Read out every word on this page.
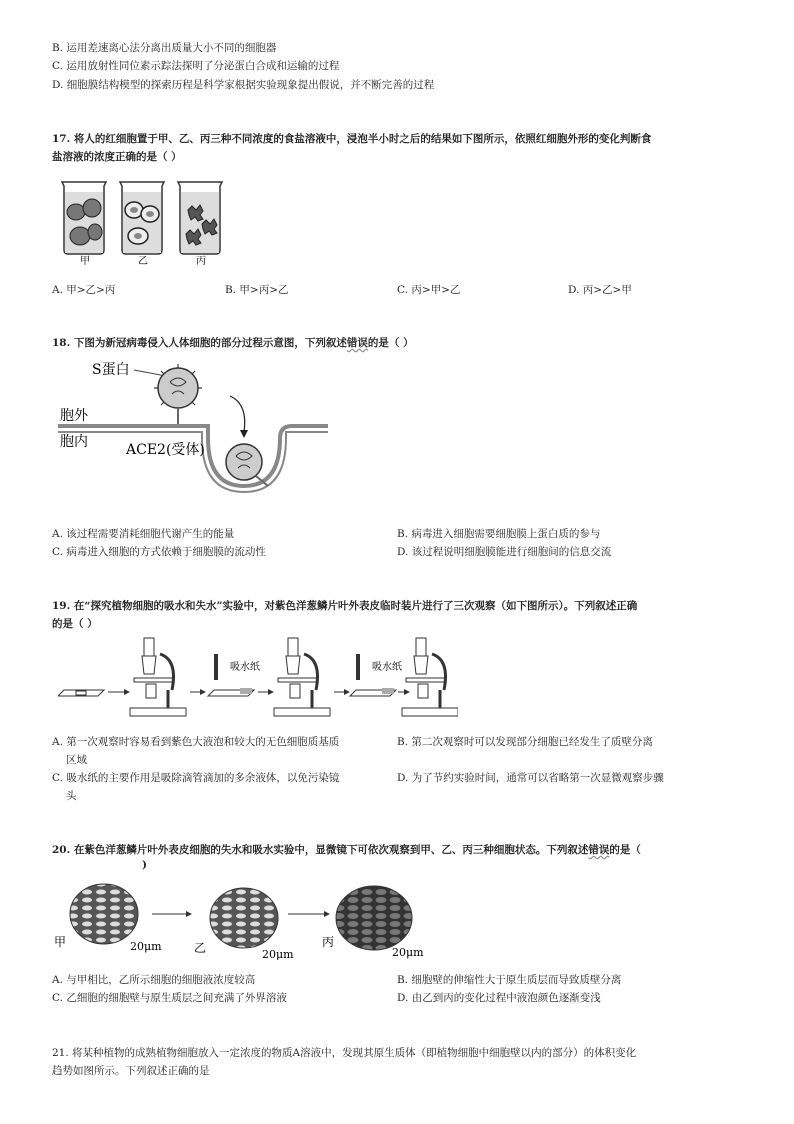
B. 运用差速离心法分离出质量大小不同的细胞器
C. 运用放射性同位素示踪法探明了分泌蛋白合成和运输的过程
D. 细胞膜结构模型的探索历程是科学家根据实验现象提出假说，并不断完善的过程
17. 将人的红细胞置于甲、乙、丙三种不同浓度的食盐溶液中，浸泡半小时之后的结果如下图所示，依照红细胞外形的变化判断食
盐溶液的浓度正确的是（ ）
甲	乙	丙
A. 甲>乙>丙	B. 甲>丙>乙	C. 丙>甲>乙	D. 丙>乙>甲
18. 下图为新冠病毒侵入人体细胞的部分过程示意图，下列叙述错误的是（ ）
S蛋白
胞外
胞内	ACE2(受体)
A. 该过程需要消耗细胞代谢产生的能量	B. 病毒进入细胞需要细胞膜上蛋白质的参与
C. 病毒进入细胞的方式依赖于细胞膜的流动性	D. 该过程说明细胞膜能进行细胞间的信息交流
19. 在“探究植物细胞的吸水和失水”实验中，对紫色洋葱鳞片叶外表皮临时装片进行了三次观察（如下图所示）。下列叙述正确
的是（ ）
吸水纸	吸水纸
A. 第一次观察时容易看到紫色大液泡和较大的无色细胞质基质
区域
B. 第二次观察时可以发现部分细胞已经发生了质壁分离
C. 吸水纸的主要作用是吸除滴管滴加的多余液体，以免污染镜
头
D. 为了节约实验时间，通常可以省略第一次显微观察步骤
20. 在紫色洋葱鳞片叶外表皮细胞的失水和吸水实验中，显微镜下可依次观察到甲、乙、丙三种细胞状态。下列叙述错误的是（
)
甲	20μm	乙	20μm
丙
20μm
A. 与甲相比，乙所示细胞的细胞液浓度较高	B. 细胞壁的伸缩性大于原生质层而导致质壁分离
C. 乙细胞的细胞壁与原生质层之间充满了外界溶液	D. 由乙到丙的变化过程中液泡颜色逐渐变浅
21. 将某种植物的成熟植物细胞放入一定浓度的物质A溶液中，发现其原生质体（即植物细胞中细胞壁以内的部分）的体积变化
趋势如图所示。下列叙述正确的是
